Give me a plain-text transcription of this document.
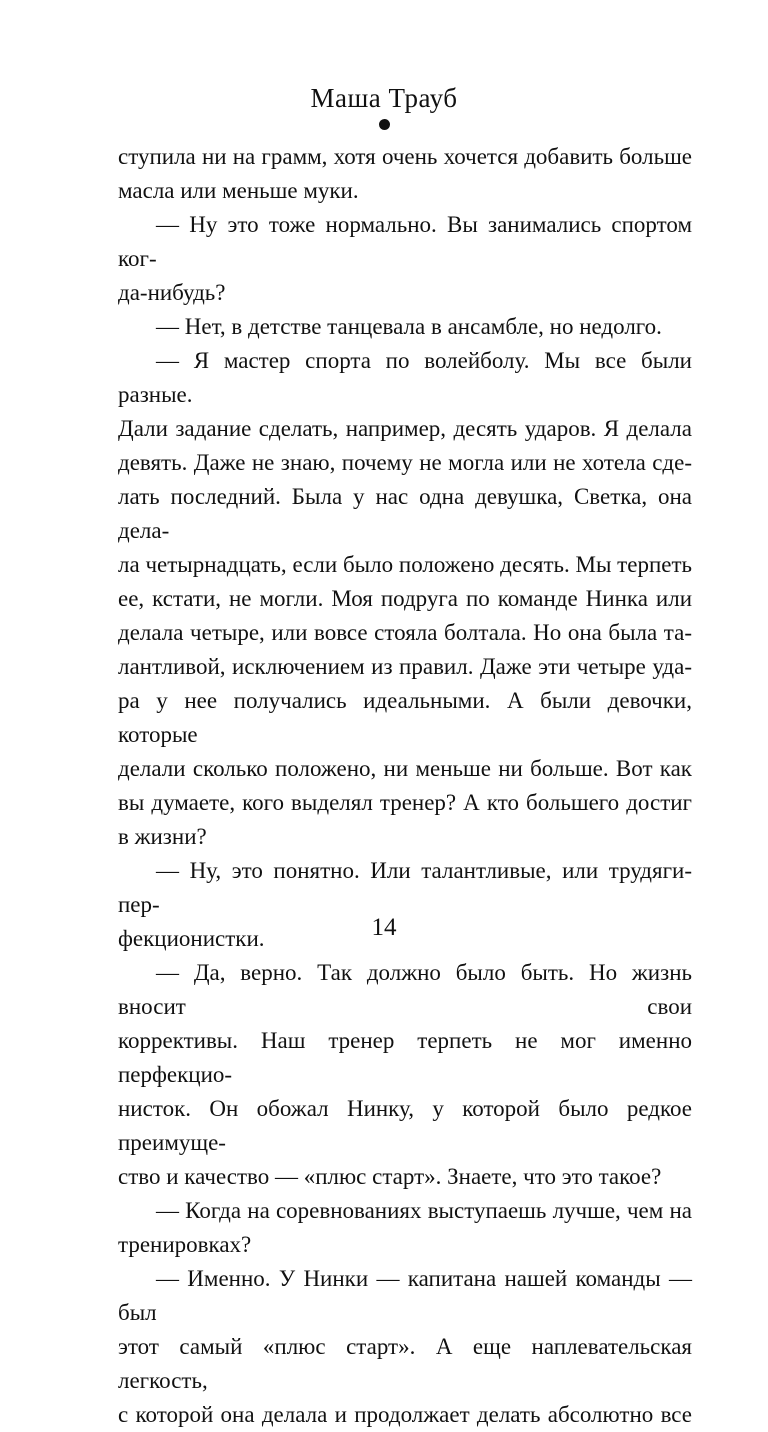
Маша Трауб

ступила ни на грамм, хотя очень хочется добавить больше

масла или меньше муки.

— Ну это тоже нормально. Вы занимались спортом ког-

да-нибудь?

— Нет, в детстве танцевала в ансамбле, но недолго.

— Я мастер спорта по волейболу. Мы все были разные.

Дали задание сделать, например, десять ударов. Я делала

девять. Даже не знаю, почему не могла или не хотела сде-

лать последний. Была у нас одна девушка, Светка, она дела-

ла четырнадцать, если было положено десять. Мы терпеть

ее, кстати, не могли. Моя подруга по команде Нинка или

делала четыре, или вовсе стояла болтала. Но она была та-

лантливой, исключением из правил. Даже эти четыре уда-

ра у нее получались идеальными. А были девочки, которые

делали сколько положено, ни меньше ни больше. Вот как

вы думаете, кого выделял тренер? А кто большего достиг

в жизни?

— Ну, это понятно. Или талантливые, или трудяги-пер-

фекционистки.

— Да, верно. Так должно было быть. Но жизнь вносит свои

коррективы. Наш тренер терпеть не мог именно перфекцио-

нисток. Он обожал Нинку, у которой было редкое преимуще-

ство и качество — «плюс старт». Знаете, что это такое?

— Когда на соревнованиях выступаешь лучше, чем на

тренировках?

— Именно. У Нинки — капитана нашей команды — был

этот самый «плюс старт». А еще наплевательская легкость,

с которой она делала и продолжает делать абсолютно все

14
